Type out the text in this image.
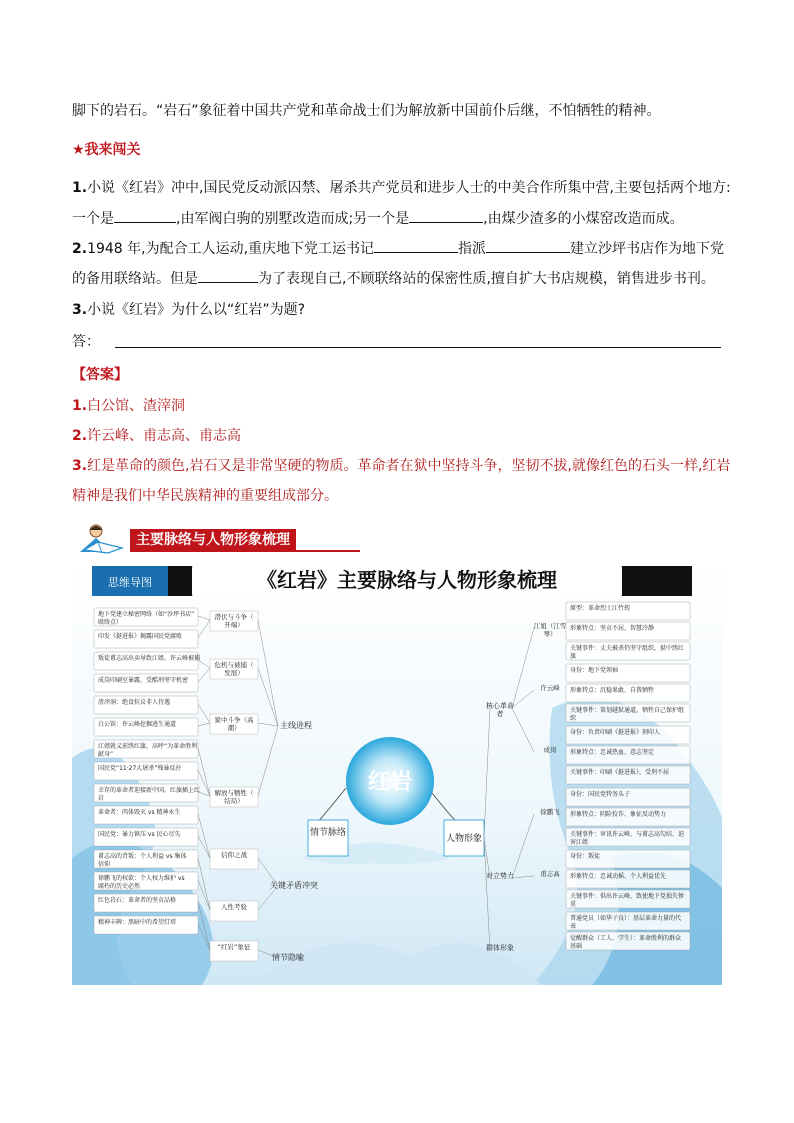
脚下的岩石。“岩石”象征着中国共产党和革命战士们为解放新中国前仆后继，不怕牺牲的精神。
★我来闯关
1.小说《红岩》冲中,国民党反动派囚禁、屠杀共产党员和进步人士的中美合作所集中营,主要包括两个地方:
一个是	,由军阀白驹的别墅改造而成;另一个是	,由煤少渣多的小煤窑改造而成。
2.1948 年,为配合工人运动,重庆地下党工运书记	指派	建立沙坪书店作为地下党
的备用联络站。但是	为了表现自己,不顾联络站的保密性质,擅自扩大书店规模，销售进步书刊。
3.小说《红岩》为什么以“红岩”为题?
答：
【答案】
1.白公馆、渣滓洞
2.许云峰、甫志高、甫志高
3.红是革命的颜色,岩石又是非常坚硬的物质。革命者在狱中坚持斗争，坚韧不拔,就像红色的石头一样,红岩
精神是我们中华民族精神的重要组成部分。
主要脉络与人物形象梳理
思维导图	《红岩》主要脉络与人物形象梳理
红岩
情节脉络
人物形象
主线进程
关键矛盾冲突
情节隐喻
潜伏与斗争（开端）
地下党建立秘密网络（如“沙坪书店”联络点）
印发《挺进报》揭露国民党腐败
危机与被捕（发展）
叛徒甫志高出卖导致江姐、许云峰被捕
成岗印刷室暴露，受酷刑坚守机密
狱中斗争（高潮）
渣滓洞：绝食抗议非人待遇
白公馆：许云峰挖掘逃生通道
解放与牺牲（结局）
江姐就义前绣红旗，高呼“为革命胜利献身”
国民党“11·27大屠杀”残暴反扑
幸存的革命者迎接新中国，红旗插上红岩
信仰之战
革命者：肉体毁灭 vs 精神永生
国民党：暴力镇压 vs 民心尽失
人性考验
甫志高的背叛：个人利益 vs 集体信仰
徐鹏飞的权欲：个人权力维护 vs 腐朽的历史必然
“红岩”象征
红色岩石：革命者的坚贞品格
精神丰碑：黑暗中的希望灯塔
核心革命者
江姐（江雪琴）
原型：革命烈士江竹筠
形象特点：坚贞不屈、智慧冷静
关键事件：丈夫被杀仍坚守组织，狱中绣红旗
许云峰
身份：地下党领袖
形象特点：沉稳果敢、自我牺牲
关键事件：策划越狱通道，牺牲自己保护组织
成岗
身份：负责印刷《挺进报》刻印人
形象特点：忠诚热血、意志坚定
关键事件：印刷《挺进报》，受刑不屈
对立势力
徐鹏飞
身份：国民党特务头子
形象特点：阴险狡诈、象征反动势力
关键事件：审讯许云峰、与甫志高勾结、迫害江姐
甫志高
身份：叛徒
形象特点：忠诚动摇、个人利益优先
关键事件：供出许云峰，致使地下党损失惨重
群体形象
普通党员（如华子良）：基层革命力量的代表
觉醒群众（工人、学生）：革命胜利的群众基础
